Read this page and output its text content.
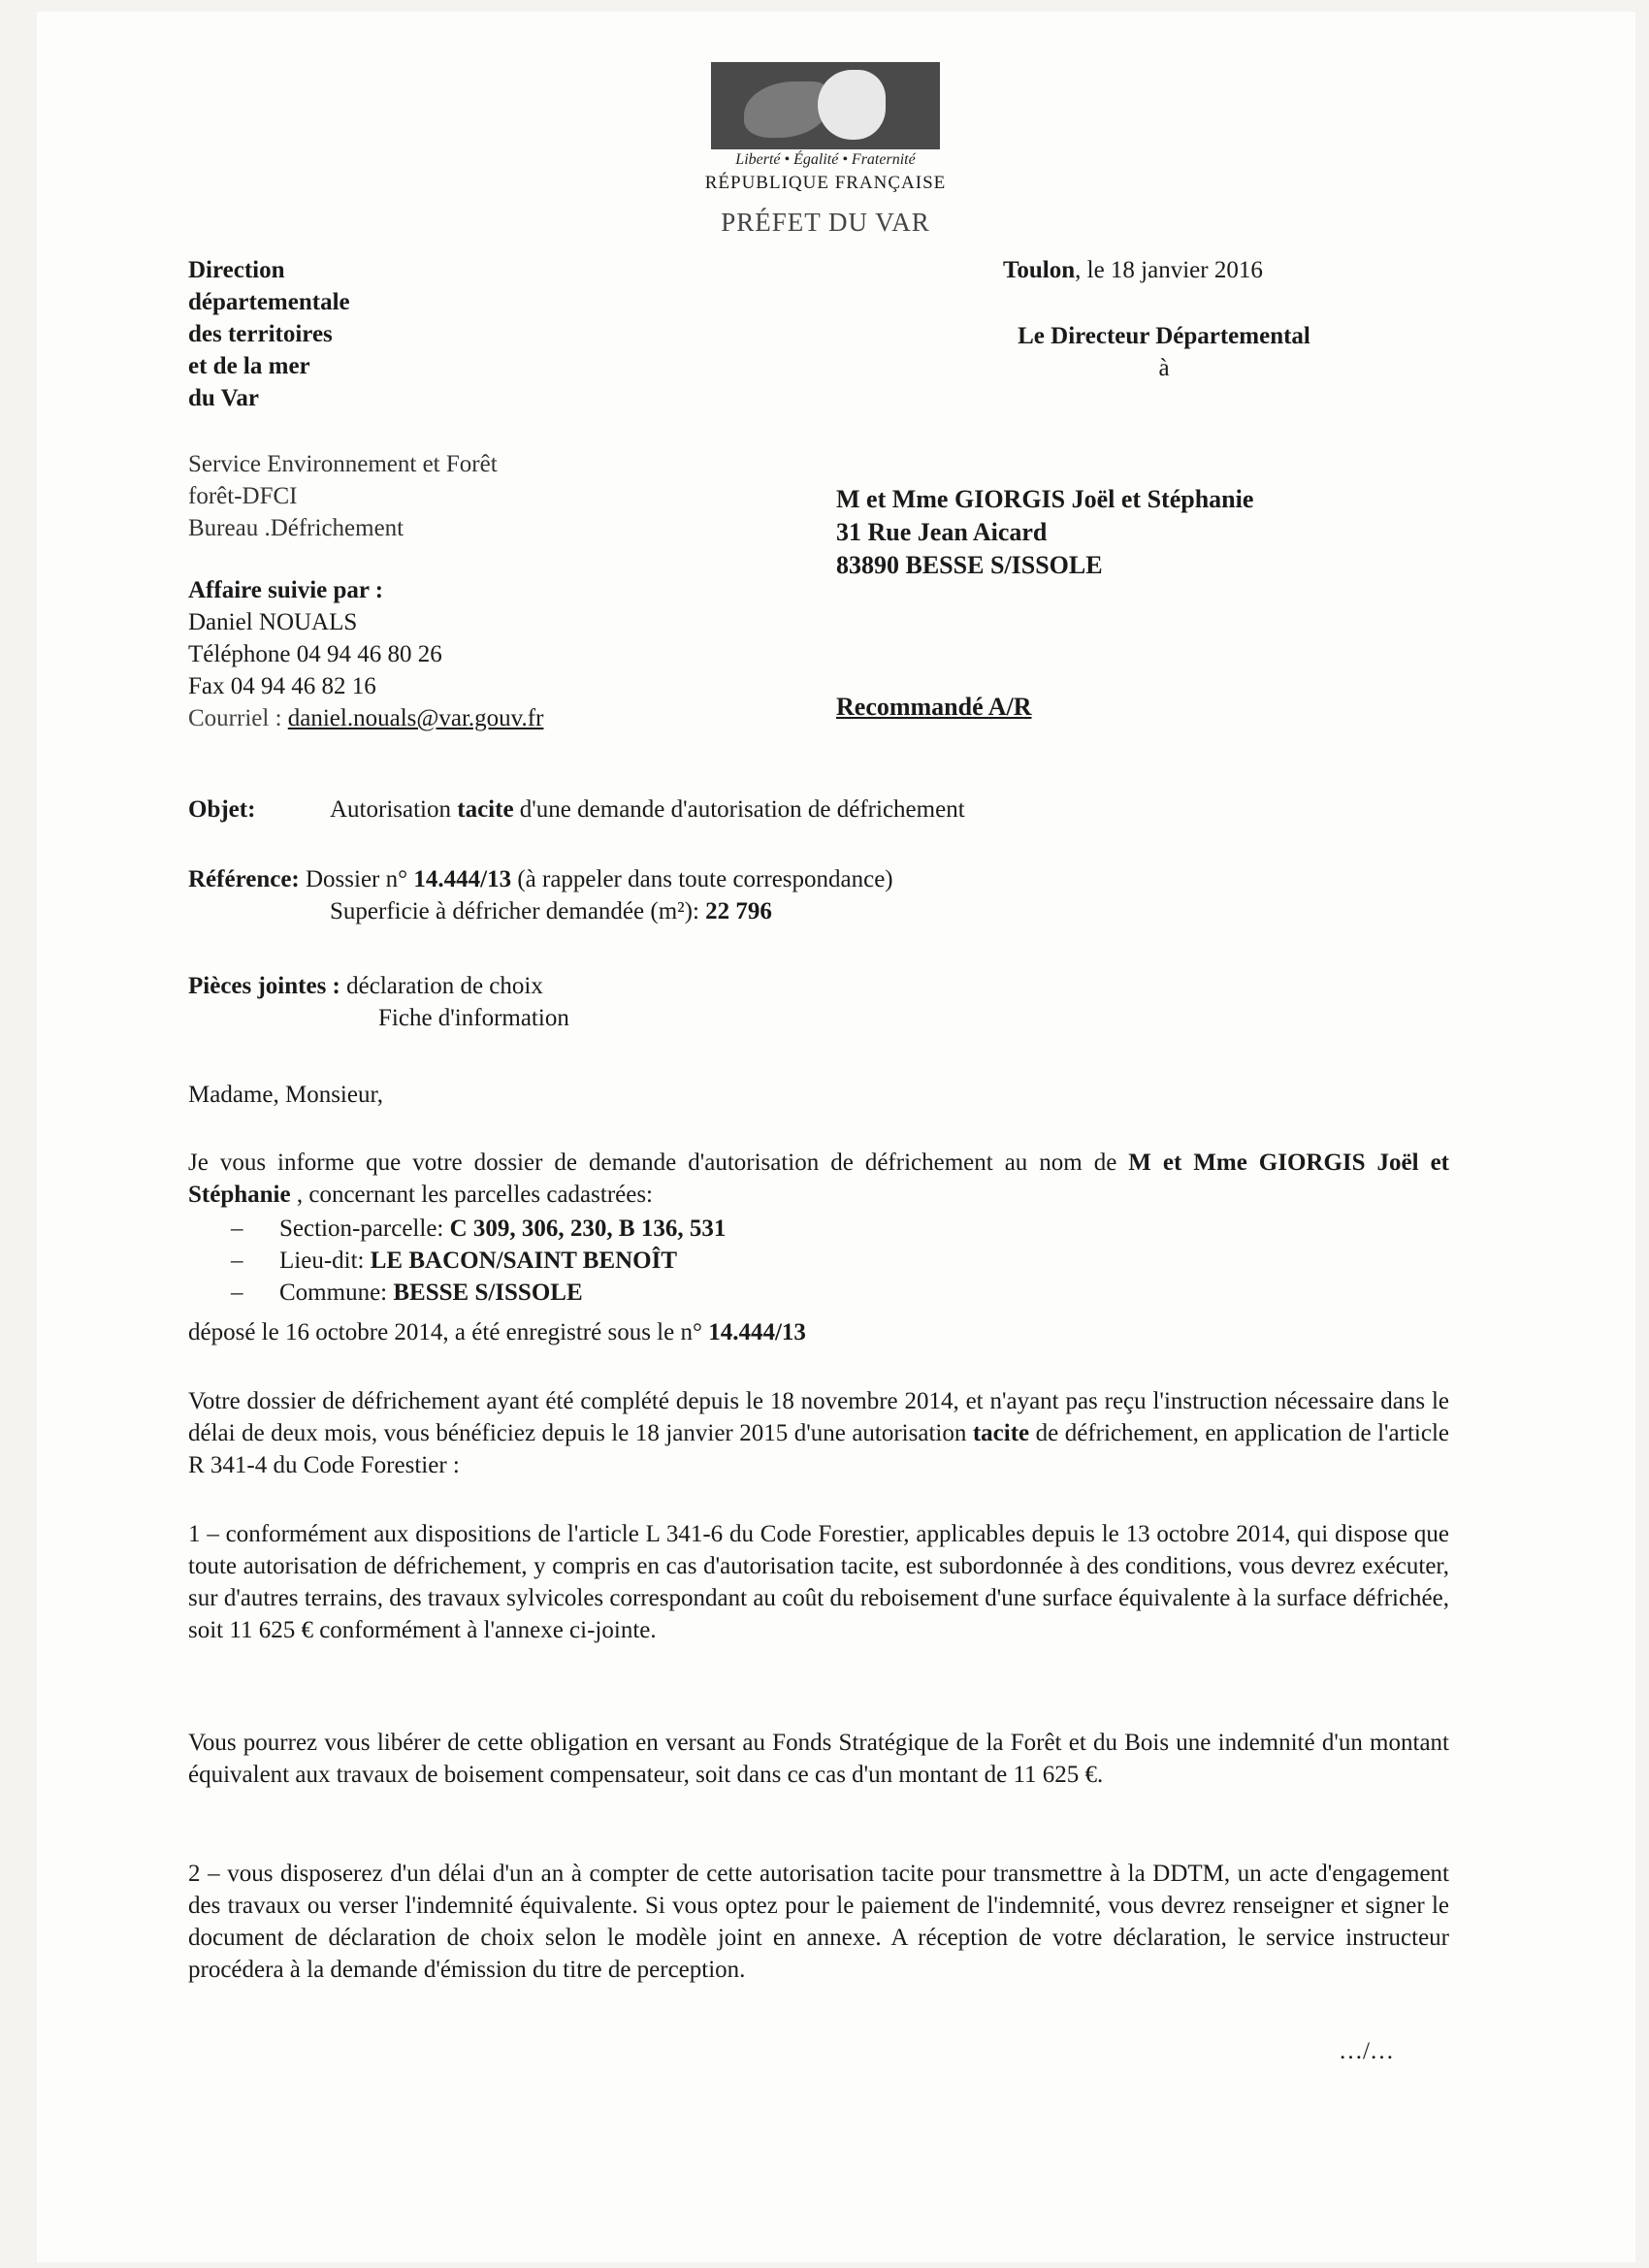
Liberté • Égalité • Fraternité
RÉPUBLIQUE FRANÇAISE
PRÉFET DU VAR
Direction
départementale
des territoires
et de la mer
du Var
Service Environnement et Forêt
forêt-DFCI
Bureau .Défrichement
Affaire suivie par :
Daniel NOUALS
Téléphone 04 94 46 80 26
Fax 04 94 46 82 16
Courriel : daniel.nouals@var.gouv.fr
Toulon, le 18 janvier 2016
Le Directeur Départemental
à
M et Mme GIORGIS Joël et Stéphanie
31 Rue Jean Aicard
83890 BESSE S/ISSOLE
Recommandé A/R
Objet:	Autorisation tacite d'une demande d'autorisation de défrichement
Référence: Dossier n° 14.444/13 (à rappeler dans toute correspondance)
Superficie à défricher demandée (m²): 22 796
Pièces jointes : déclaration de choix
Fiche d'information
Madame, Monsieur,
Je vous informe que votre dossier de demande d'autorisation de défrichement au nom de M et Mme GIORGIS Joël et Stéphanie , concernant les parcelles cadastrées:
– Section-parcelle: C 309, 306, 230, B 136, 531
– Lieu-dit: LE BACON/SAINT BENOÎT
– Commune: BESSE S/ISSOLE
déposé le 16 octobre 2014, a été enregistré sous le n° 14.444/13
Votre dossier de défrichement ayant été complété depuis le 18 novembre 2014, et n'ayant pas reçu l'instruction nécessaire dans le délai de deux mois, vous bénéficiez depuis le 18 janvier 2015 d'une autorisation tacite de défrichement, en application de l'article R 341-4 du Code Forestier :
1 – conformément aux dispositions de l'article L 341-6 du Code Forestier, applicables depuis le 13 octobre 2014, qui dispose que toute autorisation de défrichement, y compris en cas d'autorisation tacite, est subordonnée à des conditions, vous devrez exécuter, sur d'autres terrains, des travaux sylvicoles correspondant au coût du reboisement d'une surface équivalente à la surface défrichée, soit 11 625 € conformément à l'annexe ci-jointe.
Vous pourrez vous libérer de cette obligation en versant au Fonds Stratégique de la Forêt et du Bois une indemnité d'un montant équivalent aux travaux de boisement compensateur, soit dans ce cas d'un montant de 11 625 €.
2 – vous disposerez d'un délai d'un an à compter de cette autorisation tacite pour transmettre à la DDTM, un acte d'engagement des travaux ou verser l'indemnité équivalente. Si vous optez pour le paiement de l'indemnité, vous devrez renseigner et signer le document de déclaration de choix selon le modèle joint en annexe. A réception de votre déclaration, le service instructeur procédera à la demande d'émission du titre de perception.
…/…
